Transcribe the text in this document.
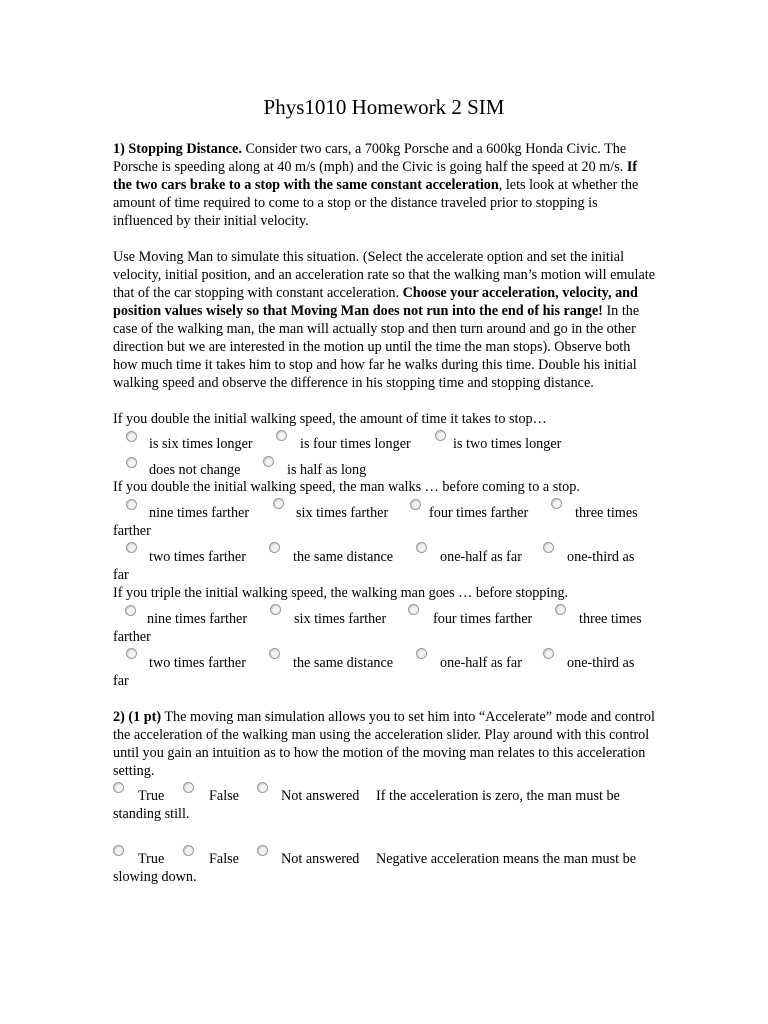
Phys1010 Homework 2 SIM

1) Stopping Distance. Consider two cars, a 700kg Porsche and a 600kg Honda Civic. The Porsche is speeding along at 40 m/s (mph) and the Civic is going half the speed at 20 m/s. If the two cars brake to a stop with the same constant acceleration, lets look at whether the amount of time required to come to a stop or the distance traveled prior to stopping is influenced by their initial velocity.

Use Moving Man to simulate this situation. (Select the accelerate option and set the initial velocity, initial position, and an acceleration rate so that the walking man’s motion will emulate that of the car stopping with constant acceleration. Choose your acceleration, velocity, and position values wisely so that Moving Man does not run into the end of his range! In the case of the walking man, the man will actually stop and then turn around and go in the other direction but we are interested in the motion up until the time the man stops). Observe both how much time it takes him to stop and how far he walks during this time. Double his initial walking speed and observe the difference in his stopping time and stopping distance.

If you double the initial walking speed, the amount of time it takes to stop…

is six times longer	is four times longer	is two times longer
does not change	is half as long

If you double the initial walking speed, the man walks … before coming to a stop.

nine times farther	six times farther	four times farther	three times
farther
two times farther	the same distance	one-half as far	one-third as
far

If you triple the initial walking speed, the walking man goes … before stopping.

nine times farther	six times farther	four times farther	three times
farther
two times farther	the same distance	one-half as far	one-third as
far

2) (1 pt) The moving man simulation allows you to set him into “Accelerate” mode and control the acceleration of the walking man using the acceleration slider. Play around with this control until you gain an intuition as to how the motion of the moving man relates to this acceleration setting.

True	False	Not answered If the acceleration is zero, the man must be
standing still.
True	False	Not answered Negative acceleration means the man must be
slowing down.
